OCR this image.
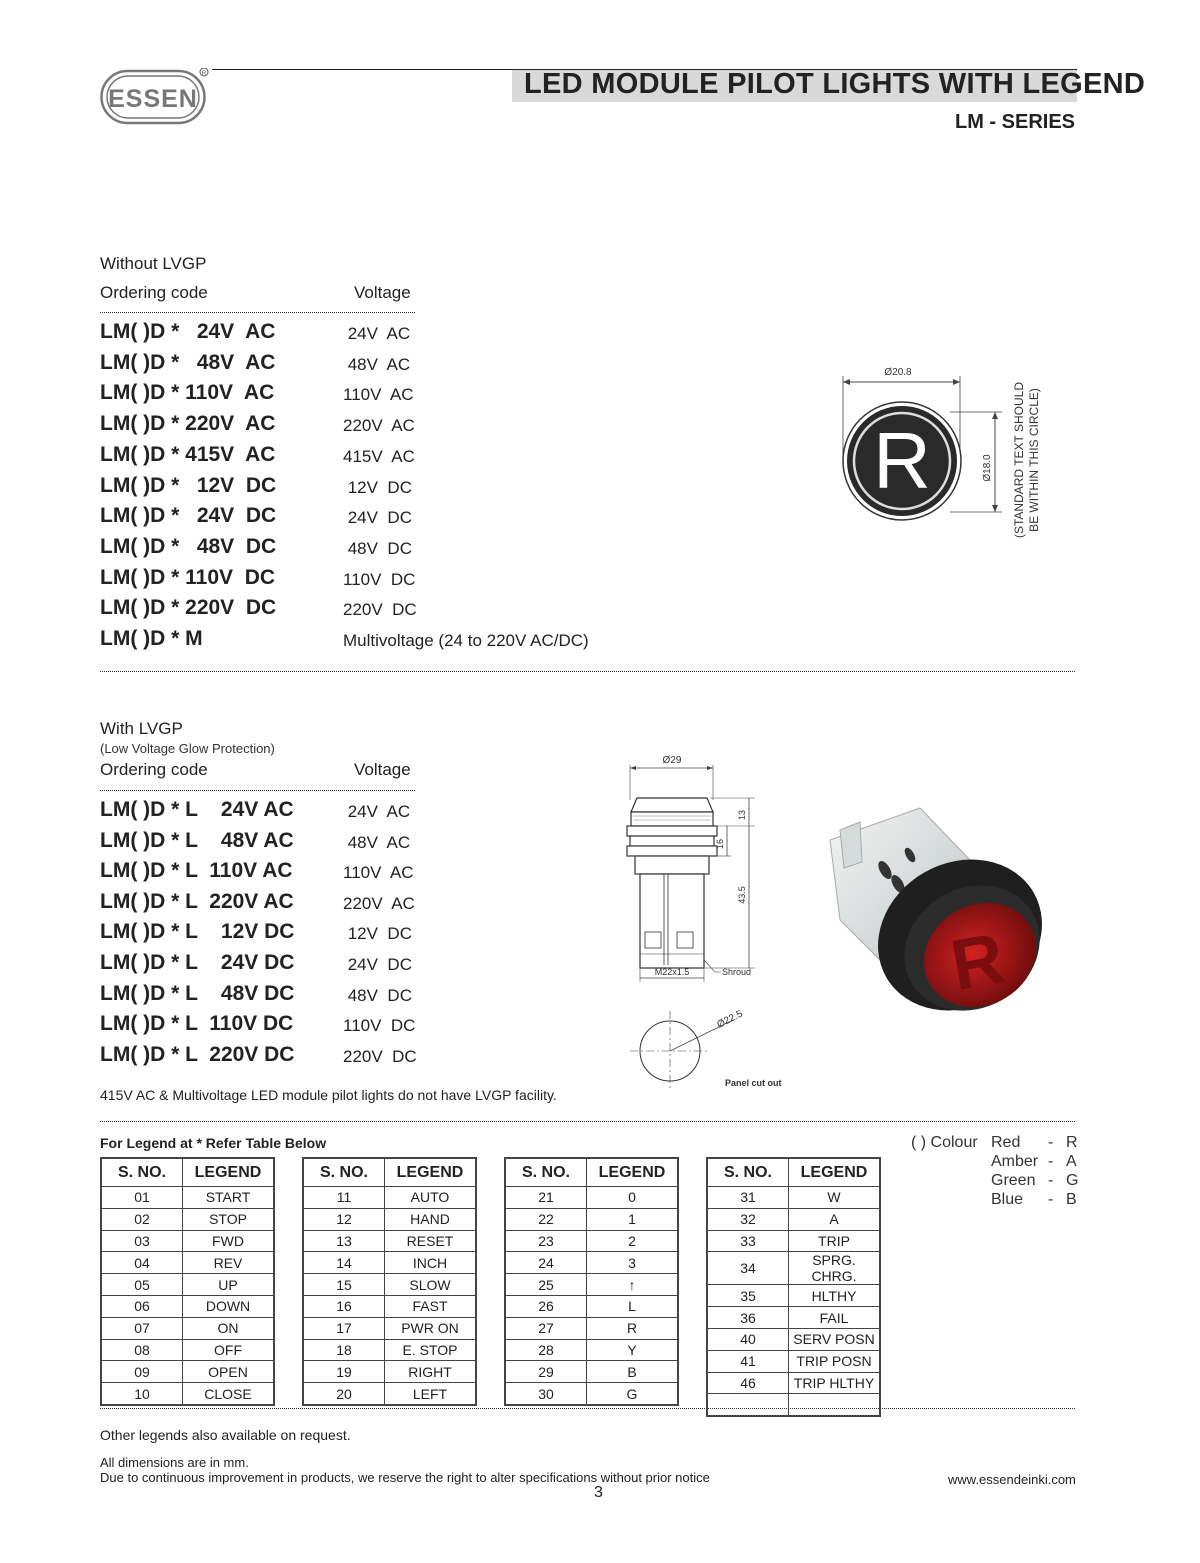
ESSEN
R	LED MODULE PILOT LIGHTS WITH LEGEND
LM - SERIES
Without LVGP
Ordering code	Voltage
LM( )D *   24V  AC	24V  AC
LM( )D *   48V  AC	48V  AC
LM( )D * 110V  AC	110V  AC
LM( )D * 220V  AC	220V  AC
LM( )D * 415V  AC	415V  AC
LM( )D *   12V  DC	12V  DC
LM( )D *   24V  DC	24V  DC
LM( )D *   48V  DC	48V  DC
LM( )D * 110V  DC	110V  DC
LM( )D * 220V  DC	220V  DC
LM( )D * M	Multivoltage (24 to 220V AC/DC)
Ø20.8
R	Ø18.0 (STANDARD TEXT SHOULD BE WITHIN THIS CIRCLE)
With LVGP
(Low Voltage Glow Protection)
Ordering code	Voltage
LM( )D * L    24V AC	24V  AC
LM( )D * L    48V AC	48V  AC
LM( )D * L  110V AC	110V  AC
LM( )D * L  220V AC	220V  AC
LM( )D * L    12V DC	12V  DC
LM( )D * L    24V DC	24V  DC
LM( )D * L    48V DC	48V  DC
LM( )D * L  110V DC	110V  DC
LM( )D * L  220V DC	220V  DC
415V AC & Multivoltage LED module pilot lights do not have LVGP facility.
Ø29
13
16
43.5
M22x1.5	Shroud
Ø22.5
Panel cut out
R
For Legend at * Refer Table Below
S. NO.	LEGEND
01	START
02	STOP
03	FWD
04	REV
05	UP
06	DOWN
07	ON
08	OFF
09	OPEN
10	CLOSE
S. NO.	LEGEND
11	AUTO
12	HAND
13	RESET
14	INCH
15	SLOW
16	FAST
17	PWR ON
18	E. STOP
19	RIGHT
20	LEFT
S. NO.	LEGEND
21	0
22	1
23	2
24	3
25	↑
26	L
27	R
28	Y
29	B
30	G
S. NO.	LEGEND
31	W
32	A
33	TRIP
34	SPRG. CHRG.
35	HLTHY
36	FAIL
40	SERV POSN
41	TRIP POSN
46	TRIP HLTHY

( ) Colour Red - R
Amber - A
Green - G
Blue - B
Other legends also available on request.
All dimensions are in mm.
Due to continuous improvement in products, we reserve the right to alter specifications without prior notice
3
www.essendeinki.com
